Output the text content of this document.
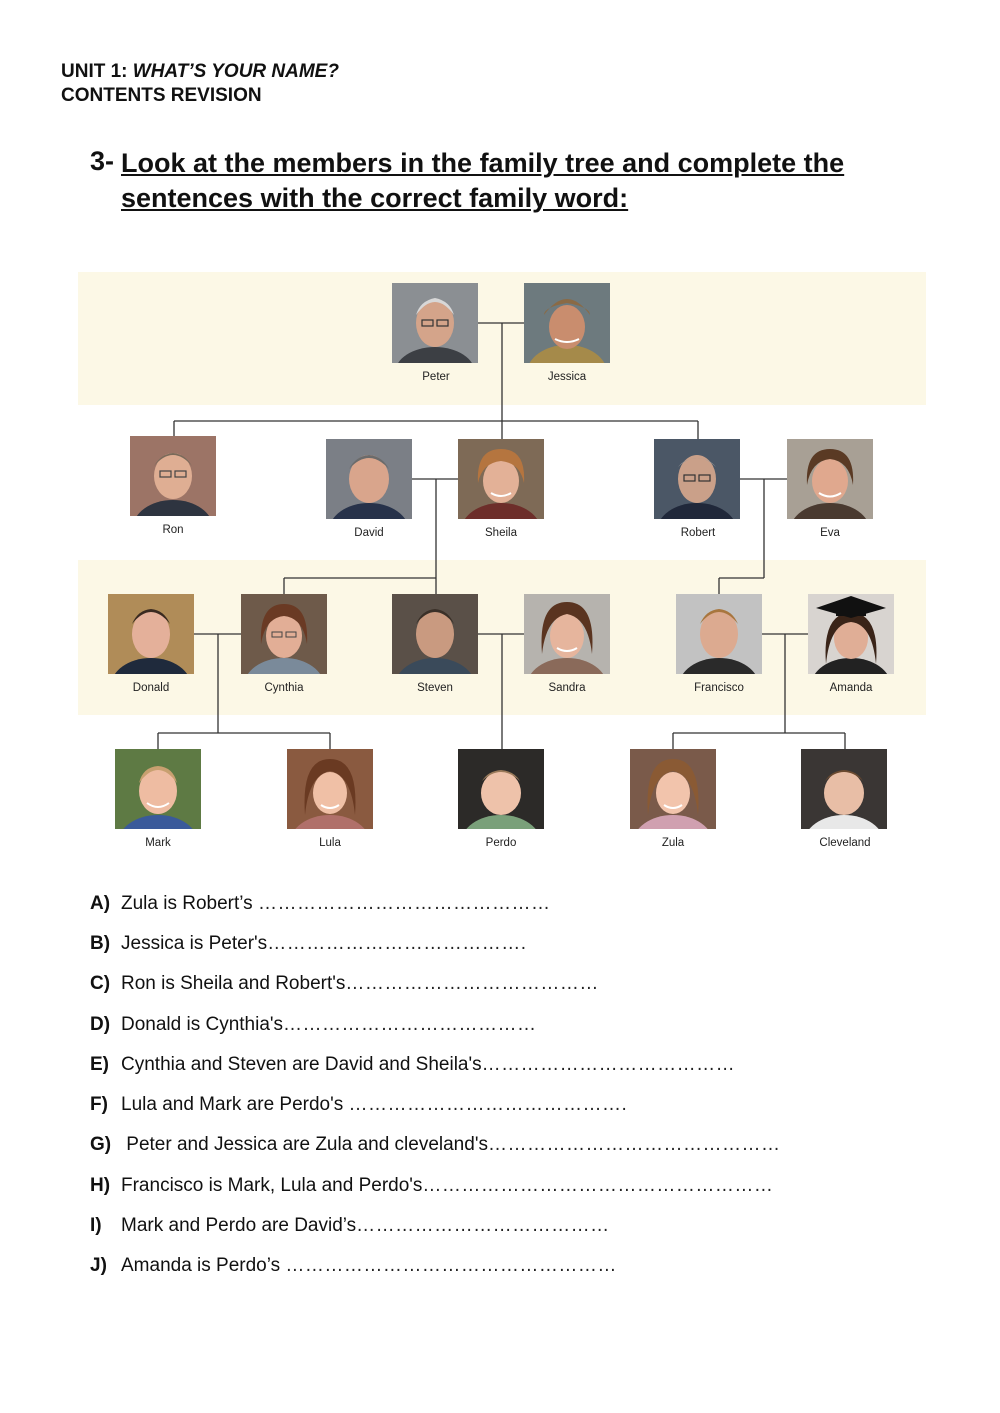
UNIT 1: WHAT’S YOUR NAME?
CONTENTS REVISION
3- Look at the members in the family tree and complete the sentences with the correct family word:
Peter	Jessica
Ron	David	Sheila	Robert	Eva
Donald	Cynthia	Steven	Sandra	Francisco	Amanda
Mark	Lula	Perdo	Zula	Cleveland
A) Zula is Robert’s ………………………………………
B) Jessica is Peter's………………………………….
C) Ron is Sheila and Robert's…………………………………
D) Donald is Cynthia's…………………………………
E) Cynthia and Steven are David and Sheila's…………………………………
F) Lula and Mark are Perdo's …………………………………….
G) Peter and Jessica are Zula and cleveland's………………………………………
H) Francisco is Mark, Lula and Perdo's………………………………………………
I) Mark and Perdo are David’s…………………………………
J) Amanda is Perdo’s ……………………………………………
